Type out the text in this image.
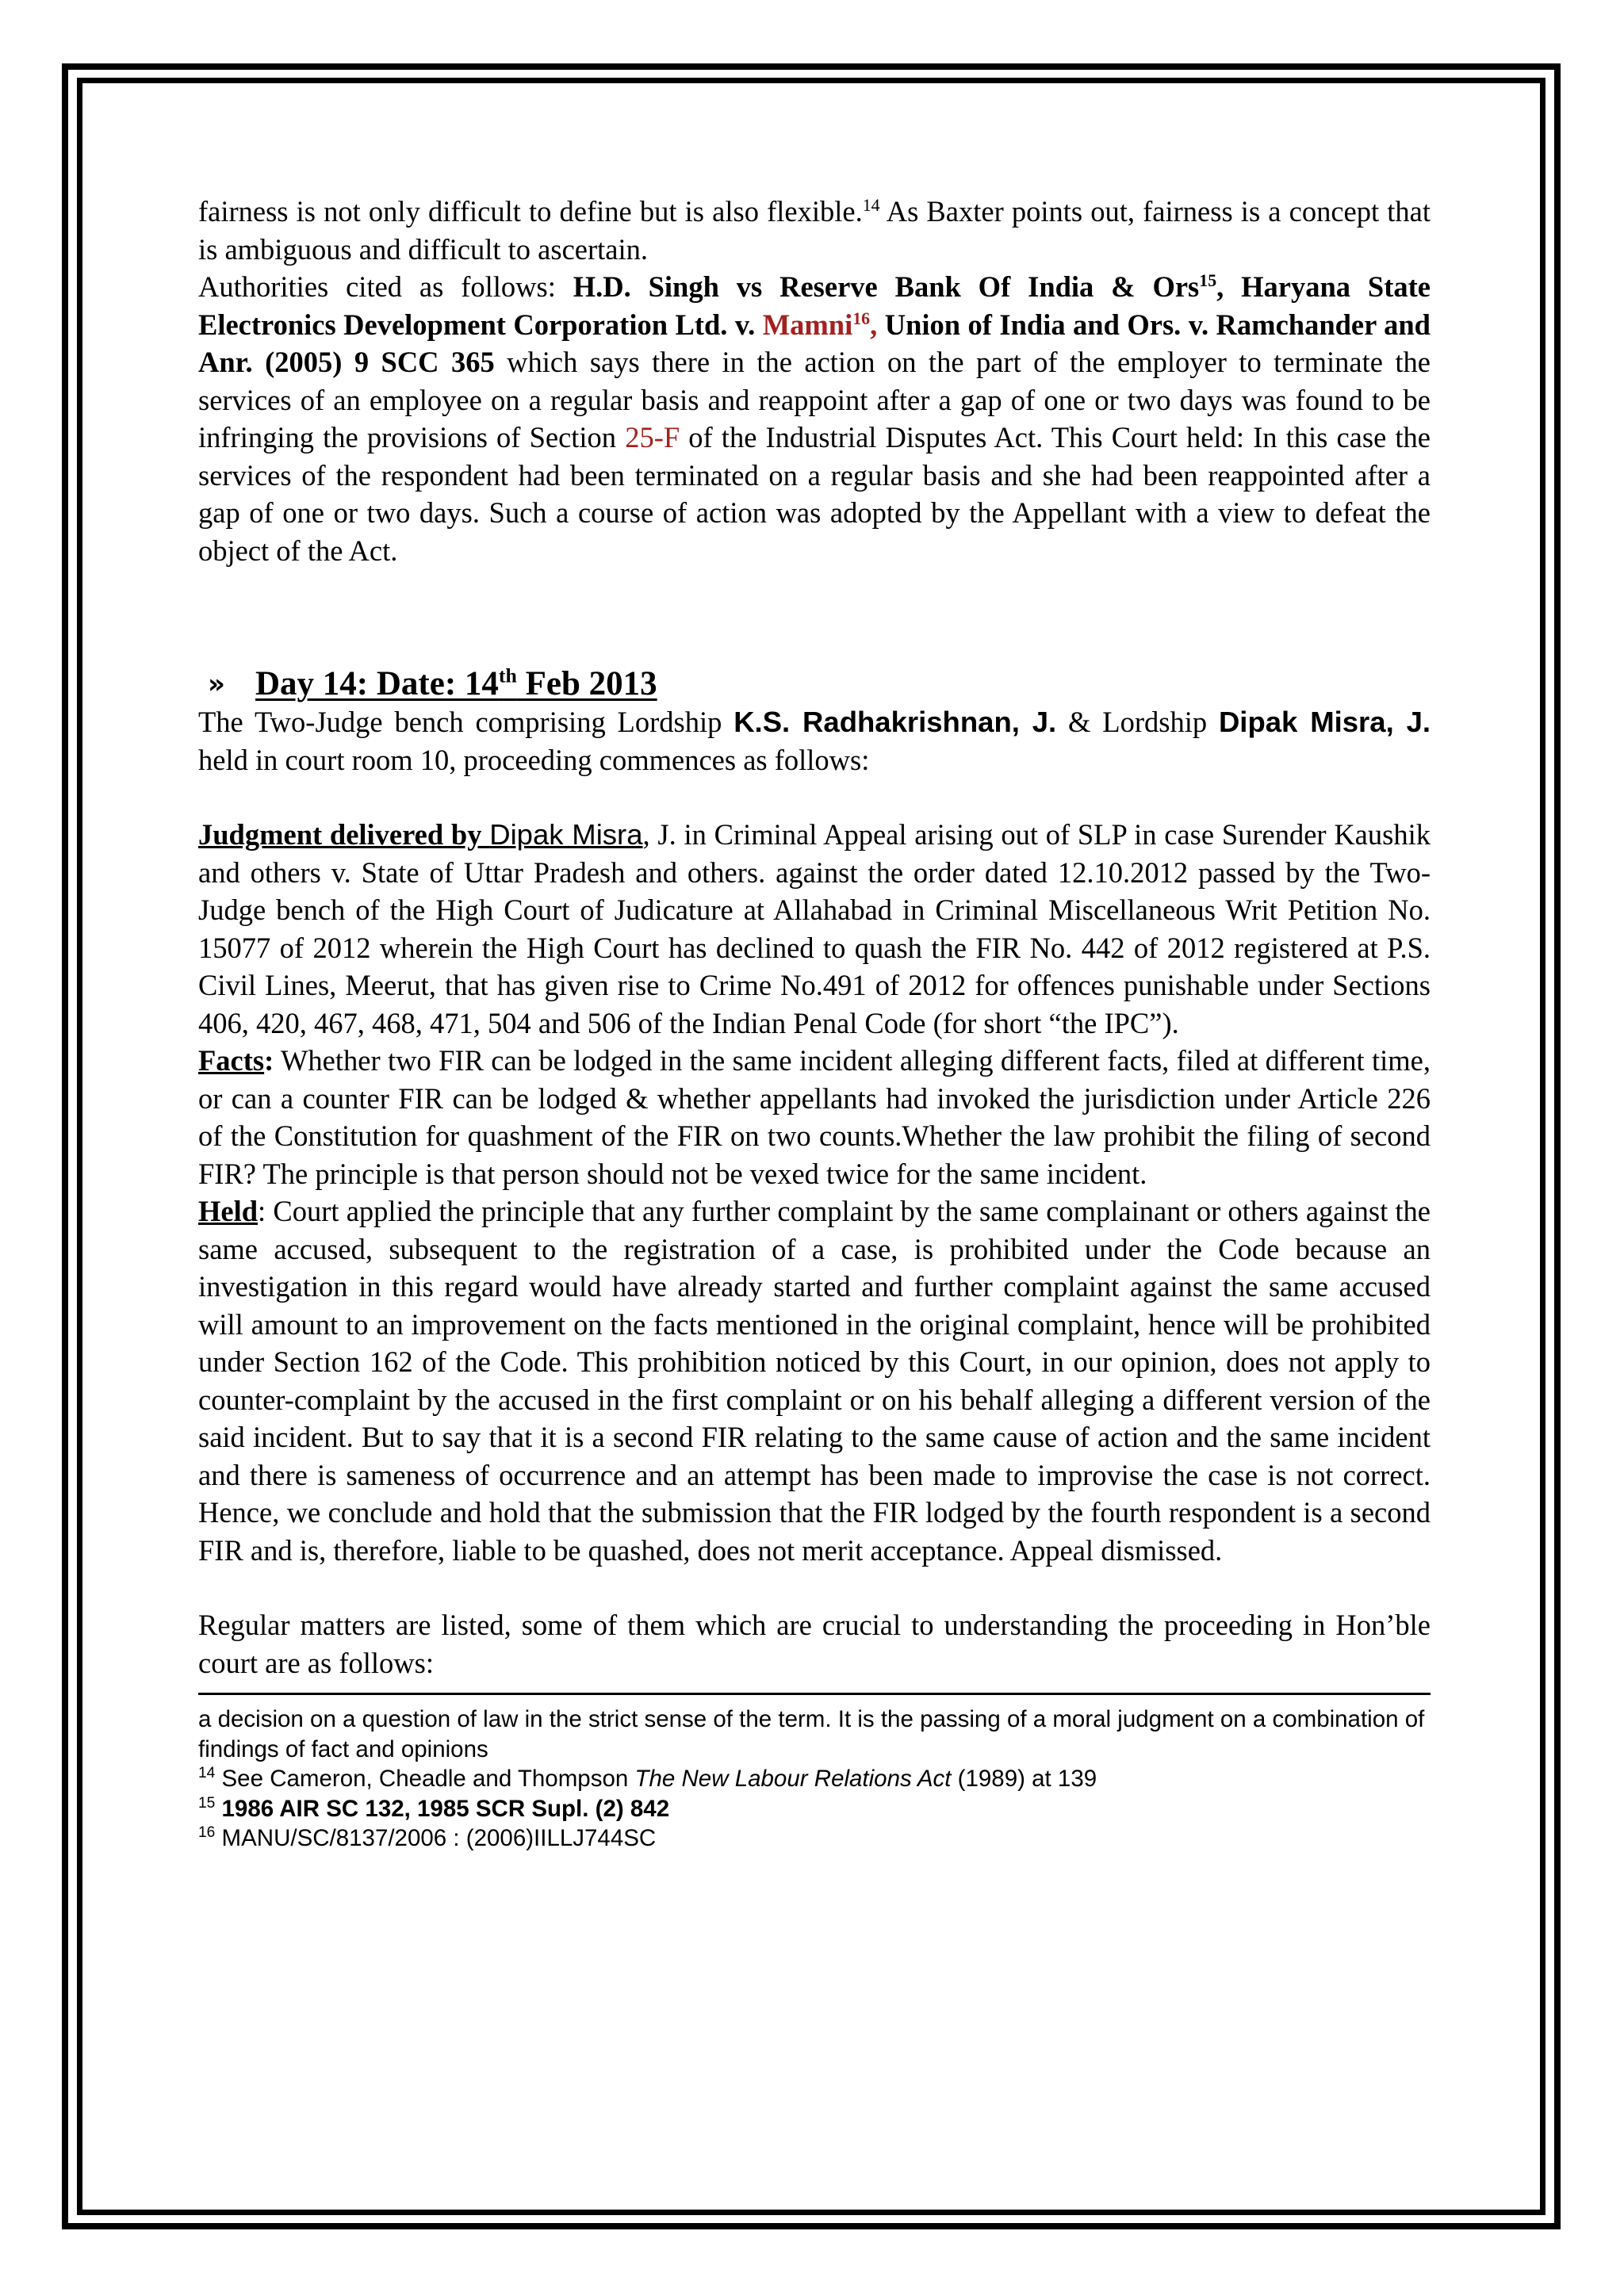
fairness is not only difficult to define but is also flexible.$^{14}$ As Baxter points out, fairness is a concept that is ambiguous and difficult to ascertain.

Authorities cited as follows: H.D. Singh vs Reserve Bank Of India & Ors$^{15}$, Haryana State Electronics Development Corporation Ltd. v. Mamni$^{16}$, Union of India and Ors. v. Ramchander and Anr. (2005) 9 SCC 365 which says there in the action on the part of the employer to terminate the services of an employee on a regular basis and reappoint after a gap of one or two days was found to be infringing the provisions of Section 25-F of the Industrial Disputes Act. This Court held: In this case the services of the respondent had been terminated on a regular basis and she had been reappointed after a gap of one or two days. Such a course of action was adopted by the Appellant with a view to defeat the object of the Act.

» Day 14: Date: 14th Feb 2013

The Two-Judge bench comprising Lordship K.S. Radhakrishnan, J. & Lordship Dipak Misra, J. held in court room 10, proceeding commences as follows:

Judgment delivered by Dipak Misra, J. in Criminal Appeal arising out of SLP in case Surender Kaushik and others v. State of Uttar Pradesh and others. against the order dated 12.10.2012 passed by the Two-Judge bench of the High Court of Judicature at Allahabad in Criminal Miscellaneous Writ Petition No. 15077 of 2012 wherein the High Court has declined to quash the FIR No. 442 of 2012 registered at P.S. Civil Lines, Meerut, that has given rise to Crime No.491 of 2012 for offences punishable under Sections 406, 420, 467, 468, 471, 504 and 506 of the Indian Penal Code (for short “the IPC”).

Facts: Whether two FIR can be lodged in the same incident alleging different facts, filed at different time, or can a counter FIR can be lodged & whether appellants had invoked the jurisdiction under Article 226 of the Constitution for quashment of the FIR on two counts.Whether the law prohibit the filing of second FIR? The principle is that person should not be vexed twice for the same incident.

Held: Court applied the principle that any further complaint by the same complainant or others against the same accused, subsequent to the registration of a case, is prohibited under the Code because an investigation in this regard would have already started and further complaint against the same accused will amount to an improvement on the facts mentioned in the original complaint, hence will be prohibited under Section 162 of the Code. This prohibition noticed by this Court, in our opinion, does not apply to counter-complaint by the accused in the first complaint or on his behalf alleging a different version of the said incident. But to say that it is a second FIR relating to the same cause of action and the same incident and there is sameness of occurrence and an attempt has been made to improvise the case is not correct. Hence, we conclude and hold that the submission that the FIR lodged by the fourth respondent is a second FIR and is, therefore, liable to be quashed, does not merit acceptance. Appeal dismissed.

Regular matters are listed, some of them which are crucial to understanding the proceeding in Hon’ble court are as follows:

a decision on a question of law in the strict sense of the term. It is the passing of a moral judgment on a combination of findings of fact and opinions
$^{14}$ See Cameron, Cheadle and Thompson The New Labour Relations Act (1989) at 139
$^{15}$ 1986 AIR SC 132, 1985 SCR Supl. (2) 842
$^{16}$ MANU/SC/8137/2006 : (2006)IILLJ744SC
